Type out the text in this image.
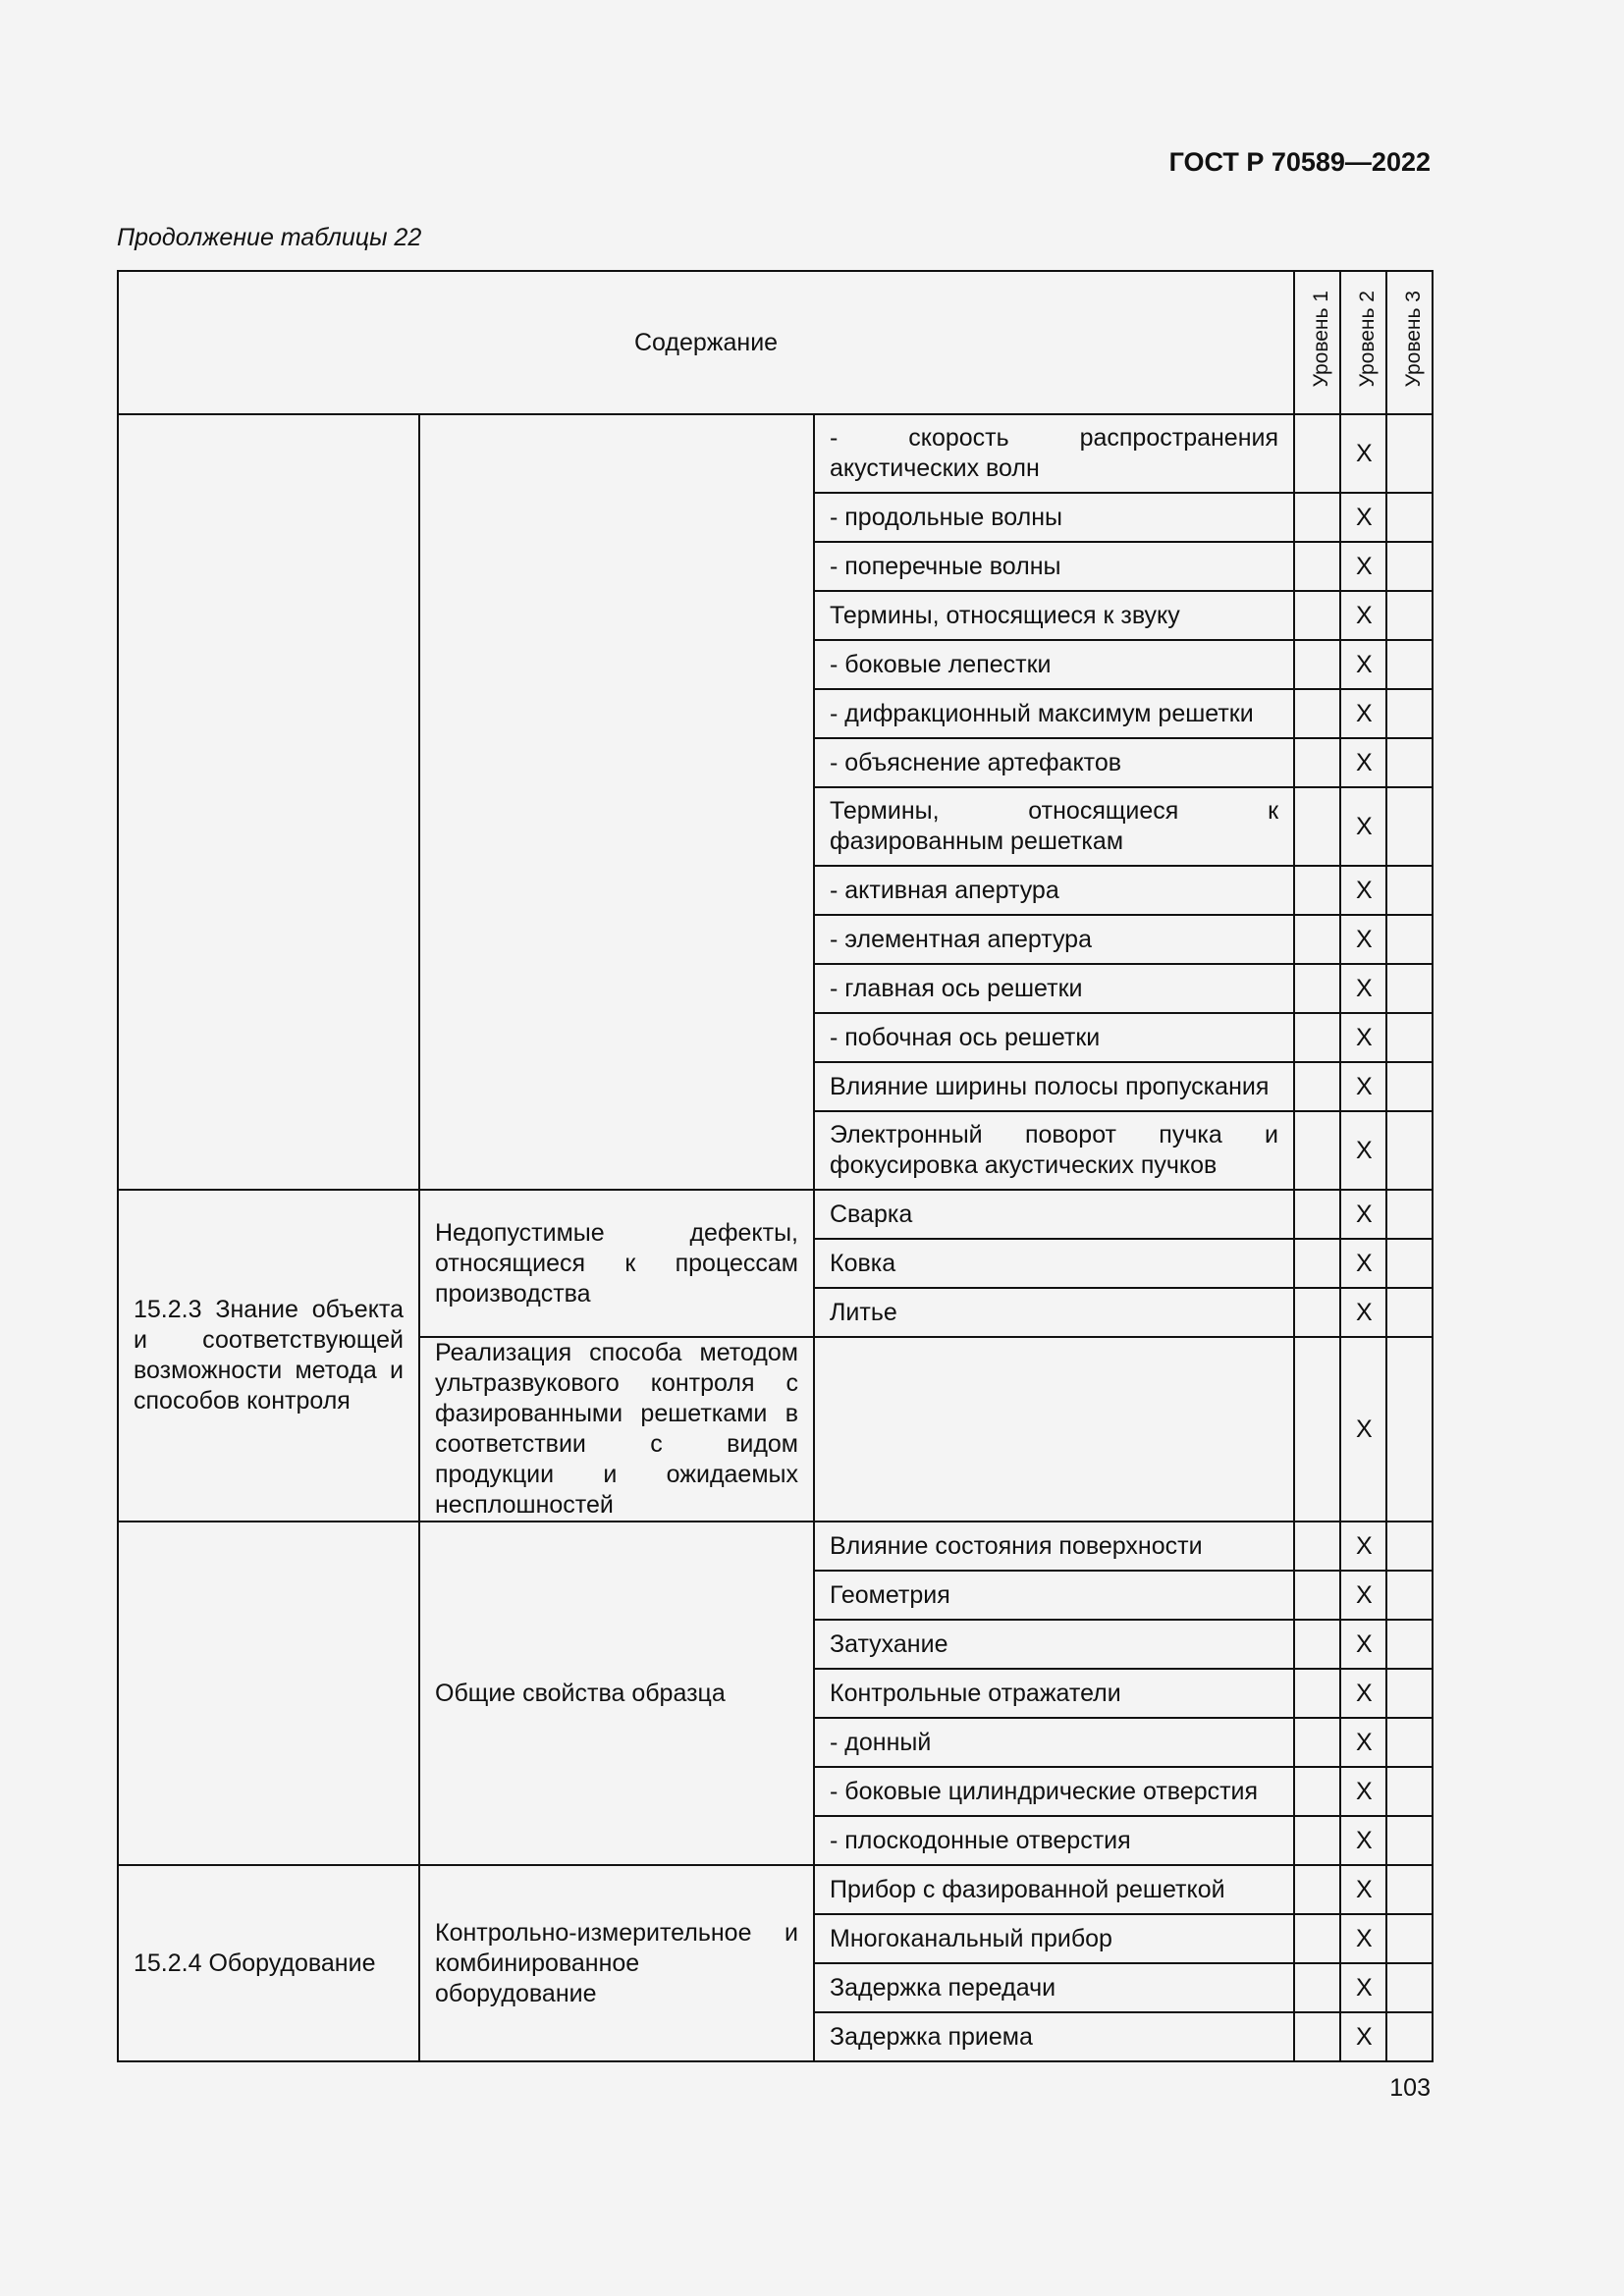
ГОСТ Р 70589—2022
Продолжение таблицы 22
Содержание			Уровень 1	Уровень 2	Уровень 3
		- скорость распространения акустических волн		X	
		- продольные волны		X	
		- поперечные волны		X	
		Термины, относящиеся к звуку		X	
		- боковые лепестки		X	
		- дифракционный максимум решетки		X	
		- объяснение артефактов		X	
		Термины, относящиеся к фазированным решеткам		X	
		- активная апертура		X	
		- элементная апертура		X	
		- главная ось решетки		X	
		- побочная ось решетки		X	
		Влияние ширины полосы пропускания		X	
		Электронный поворот пучка и фокусировка акустических пучков		X	
15.2.3 Знание объекта и соответствующей возможности метода и способов контроля	Недопустимые дефекты, относящиеся к процессам производства	Сварка		X	
		Ковка		X	
		Литье		X	
	Реализация способа методом ультразвукового контроля с фазированными решетками в соответствии с видом продукции и ожидаемых несплошностей			X	
	Общие свойства образца	Влияние состояния поверхности		X	
		Геометрия		X	
		Затухание		X	
		Контрольные отражатели		X	
		- донный		X	
		- боковые цилиндрические отверстия		X	
		- плоскодонные отверстия		X	
15.2.4 Оборудование	Контрольно-измерительное и комбинированное оборудование	Прибор с фазированной решеткой		X	
		Многоканальный прибор		X	
		Задержка передачи		X	
		Задержка приема		X	
103
